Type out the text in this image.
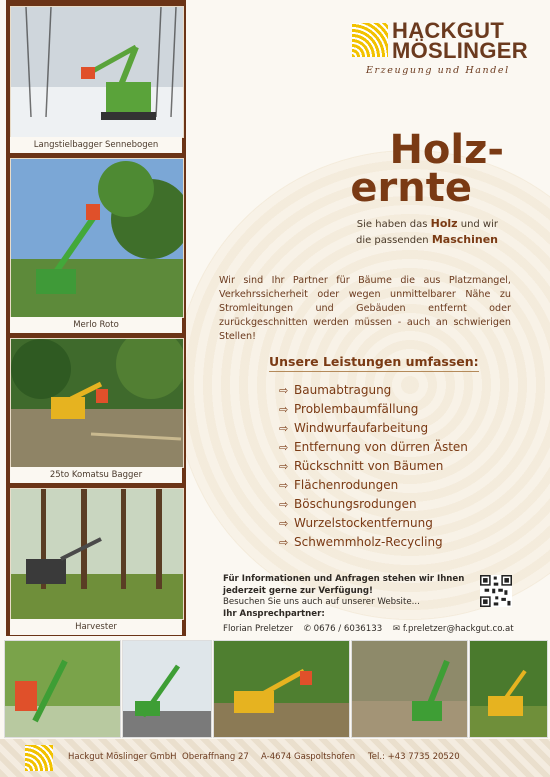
Langstielbagger Sennebogen
Merlo Roto
25to Komatsu Bagger
Harvester
HACKGUT
MÖSLINGER
Erzeugung und Handel
Holz-
ernte
Sie haben das Holz und wir
die passenden Maschinen
Wir sind Ihr Partner für Bäume die aus Platzmangel, Verkehrssicherheit oder wegen unmittelbarer Nähe zu Stromleitungen und Gebäuden entfernt oder zurückgeschnitten werden müssen - auch an schwierigen Stellen!
Unsere Leistungen umfassen:
⇨ Baumabtragung
⇨ Problembaumfällung
⇨ Windwurfaufarbeitung
⇨ Entfernung von dürren Ästen
⇨ Rückschnitt von Bäumen
⇨ Flächenrodungen
⇨ Böschungsrodungen
⇨ Wurzelstockentfernung
⇨ Schwemmholz-Recycling
Für Informationen und Anfragen stehen wir Ihnen
jederzeit gerne zur Verfügung!
Besuchen Sie uns auch auf unserer Website...
Ihr Ansprechpartner:
Florian Preletzer ✆ 0676 / 6036133 ✉ f.preletzer@hackgut.co.at
Hackgut Möslinger GmbH Oberaffnang 27 A-4674 Gaspoltshofen Tel.: +43 7735 20520
